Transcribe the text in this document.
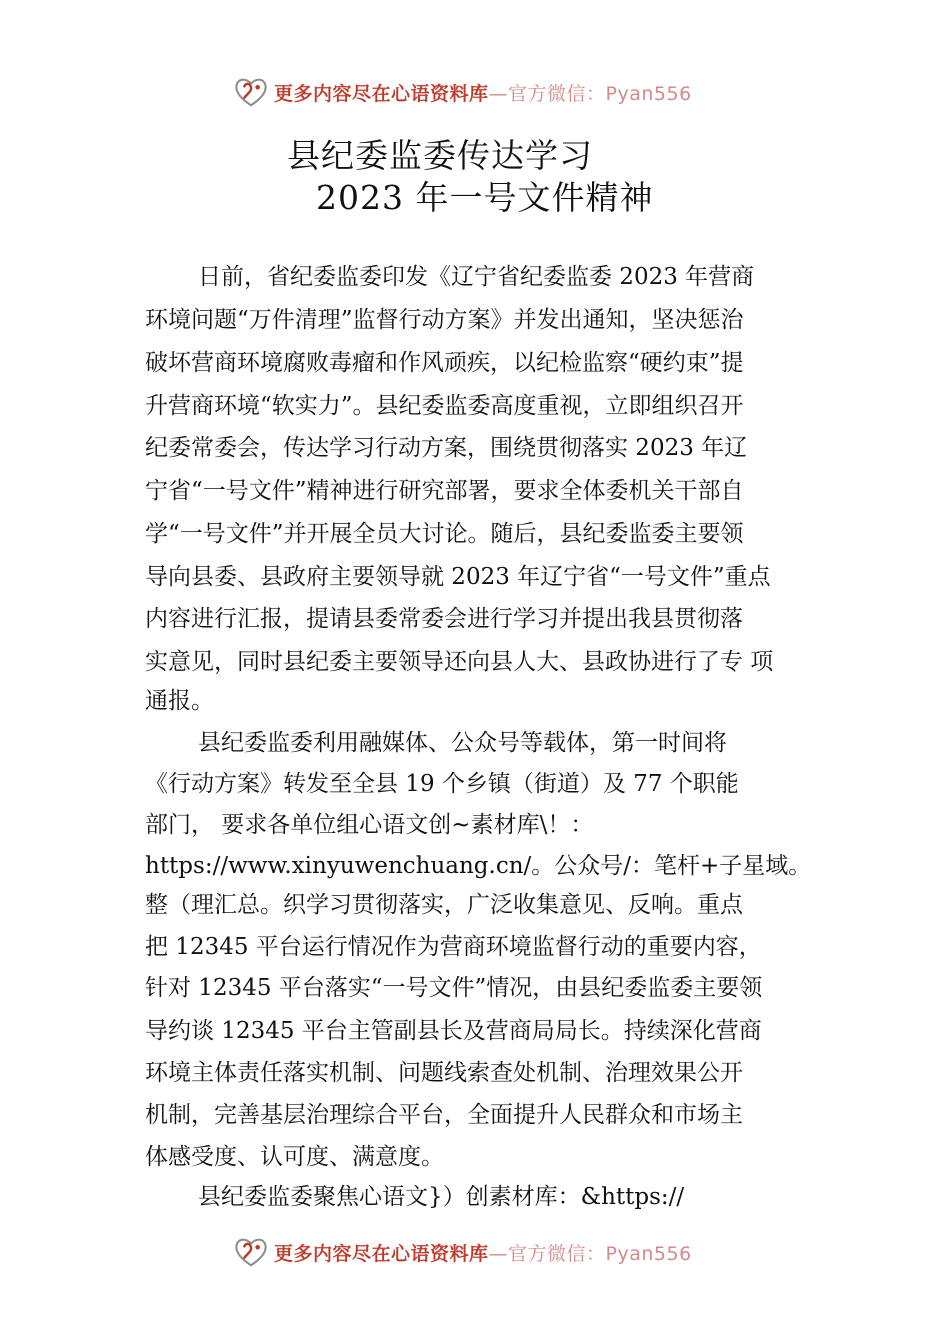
更多内容尽在心语资料库—官方微信：Pyan556
县纪委监委传达学习
2023 年一号文件精神
日前，省纪委监委印发《辽宁省纪委监委 2023 年营商
环境问题“万件清理”监督行动方案》并发出通知，坚决惩治
破坏营商环境腐败毒瘤和作风顽疾，以纪检监察“硬约束”提
升营商环境“软实力”。县纪委监委高度重视，立即组织召开
纪委常委会，传达学习行动方案，围绕贯彻落实 2023 年辽
宁省“一号文件”精神进行研究部署，要求全体委机关干部自
学“一号文件”并开展全员大讨论。随后，县纪委监委主要领
导向县委、县政府主要领导就 2023 年辽宁省“一号文件”重点
内容进行汇报，提请县委常委会进行学习并提出我县贯彻落
实意见，同时县纪委主要领导还向县人大、县政协进行了专 项
通报。
县纪委监委利用融媒体、公众号等载体，第一时间将
《行动方案》转发至全县 19 个乡镇（街道）及 77 个职能
部门， 要求各单位组心语文创~素材库\！：
https://www.xinyuwenchuang.cn/。公众号/：笔杆+子星域。
整（理汇总。织学习贯彻落实，广泛收集意见、反响。重点
把 12345 平台运行情况作为营商环境监督行动的重要内容，
针对 12345 平台落实“一号文件”情况，由县纪委监委主要领
导约谈 12345 平台主管副县长及营商局局长。持续深化营商
环境主体责任落实机制、问题线索查处机制、治理效果公开
机制，完善基层治理综合平台，全面提升人民群众和市场主
体感受度、认可度、满意度。
县纪委监委聚焦心语文}）创素材库：&https://
更多内容尽在心语资料库—官方微信：Pyan556
